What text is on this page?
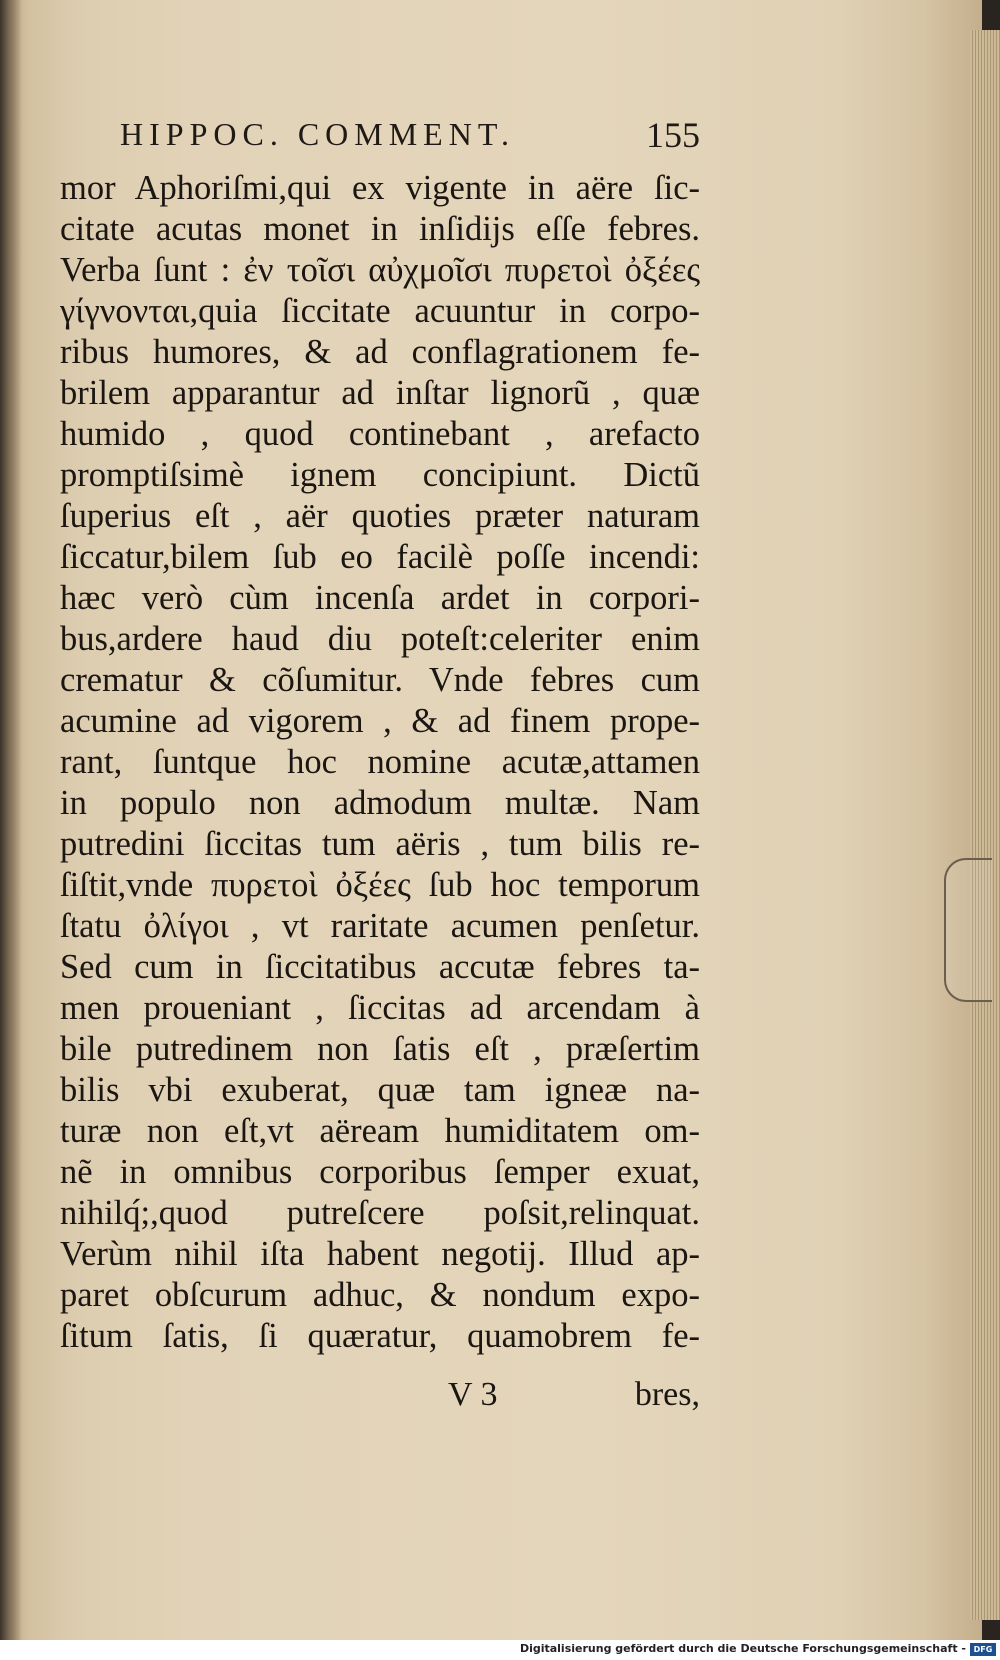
HIPPOC. COMMENT.	155
mor Aphoriſmi,qui ex vigente in aëre ſic-
citate acutas monet in inſidijs eſſe febres.
Verba ſunt : ἐν τοῖσι αὐχμοῖσι πυρετοὶ ὀξέες
γίγνονται,quia ſiccitate acuuntur in corpo-
ribus humores, & ad conflagrationem fe-
brilem apparantur ad inſtar lignorũ , quæ
humido , quod continebant , arefacto
promptiſsimè ignem concipiunt. Dictũ
ſuperius eſt , aër quoties præter naturam
ſiccatur,bilem ſub eo facilè poſſe incendi:
hæc verò cùm incenſa ardet in corpori-
bus,ardere haud diu poteſt:celeriter enim
crematur & cõſumitur. Vnde febres cum
acumine ad vigorem , & ad finem prope-
rant, ſuntque hoc nomine acutæ,attamen
in populo non admodum multæ. Nam
putredini ſiccitas tum aëris , tum bilis re-
ſiſtit,vnde πυρετοὶ ὀξέες ſub hoc temporum
ſtatu ὀλίγοι , vt raritate acumen penſetur.
Sed cum in ſiccitatibus accutæ febres ta-
men proueniant , ſiccitas ad arcendam à
bile putredinem non ſatis eſt , præſertim
bilis vbi exuberat, quæ tam igneæ na-
turæ non eſt,vt aëream humiditatem om-
nẽ in omnibus corporibus ſemper exuat,
nihilq́;,quod putreſcere poſsit,relinquat.
Verùm nihil iſta habent negotij. Illud ap-
paret obſcurum adhuc, & nondum expo-
ſitum ſatis, ſi quæratur, quamobrem fe-
V 3	bres,
Digitalisierung gefördert durch die Deutsche Forschungsgemeinschaft - DFG
